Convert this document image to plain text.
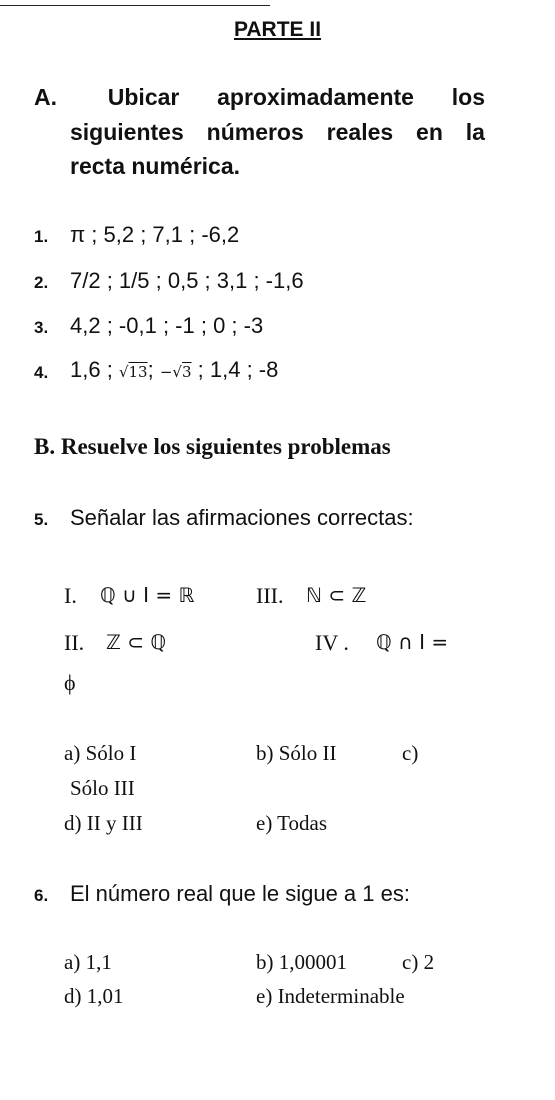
PARTE II
A.	Ubicar aproximadamente los
siguientes números reales en la
recta numérica.
1. π ; 5,2 ; 7,1 ; -6,2
2. 7/2 ; 1/5 ; 0,5 ; 3,1 ; -1,6
3. 4,2 ; -0,1 ; -1 ; 0 ; -3
4. 1,6 ; √13; −√3 ; 1,4 ; -8
B. Resuelve los siguientes problemas
5. Señalar las afirmaciones correctas:
I. ℚ ∪ I = ℝ	III. ℕ ⊂ ℤ
II. ℤ ⊂ ℚ	IV . ℚ ∩ I =
ϕ
a) Sólo I	b) Sólo II	c)
Sólo III
d) II y III	e) Todas
6. El número real que le sigue a 1 es:
a) 1,1	b) 1,00001	c) 2
d) 1,01	e) Indeterminable
